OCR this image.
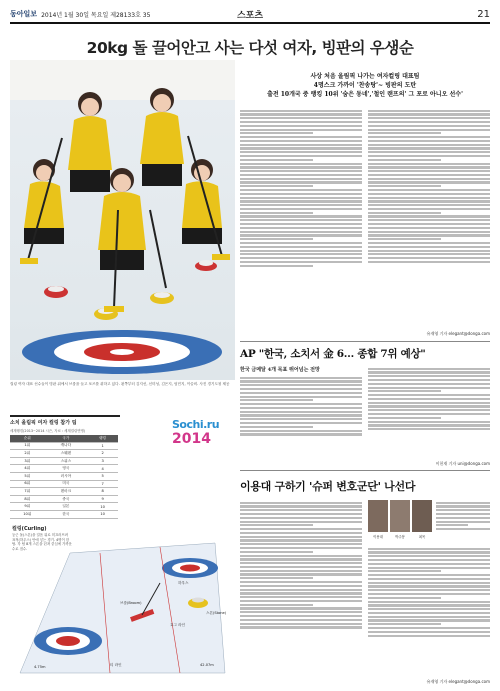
동아일보 2014년 1월 30일 목요일 제28133호 35	스포츠	21
20kg 돌 끌어안고 사는 다섯 여자, 빙판의 우생순
컬링 여자 대표 선수들이 빙판 위에서 브룸을 들고 포즈를 취하고 있다. 왼쪽부터 김지선, 신미성, 김은지, 엄민지, 이슬비. 사진 경기도청 제공
사상 처음 올림픽 나가는 여자컬링 대표팀
4명스크 가까이 '찬송탕'~ 빙판의 도탄
출전 10개국 중 랭킹 10위 '숨은 동네','철인 랜프의' 그 포로 아니오 선수'
유재영 기자 elegant@donga.com
AP "한국, 소치서 金 6… 종합 7위 예상"
한국 금메달 4개 목표 뛰어넘는 전망
이헌재 기자 uni@donga.com
이용대 구하기 '슈퍼 변호군단' 나선다
이용대	박주봉	최목
유재영 기자 elegant@donga.com
소치 올림픽 여자 컬링 참가 팀
세계랭킹(2013~2014 시즌, 자료 : 세계컬링연맹)
순위	국가	랭킹
1위	캐나다	1
2위	스웨덴	2
3위	스위스	3
4위	영국	4
5위	러시아	5
6위	미국	7
7위	덴마크	8
8위	중국	9
9위	일본	10
10위	한국	10
Sochi.ru
2014
컬링(Curling)
둥근 돌(스톤)을 얼음 위로 미끄러뜨려 표적(하우스) 안에 넣는 경기. 4명이 한 팀. 각 팀 8개 스톤을 던져 중심에 가까운 수로 점수.
하우스
호그 라인
티 라인
스톤(Stone)
브룸(Broom)
42.07m
4.75m
